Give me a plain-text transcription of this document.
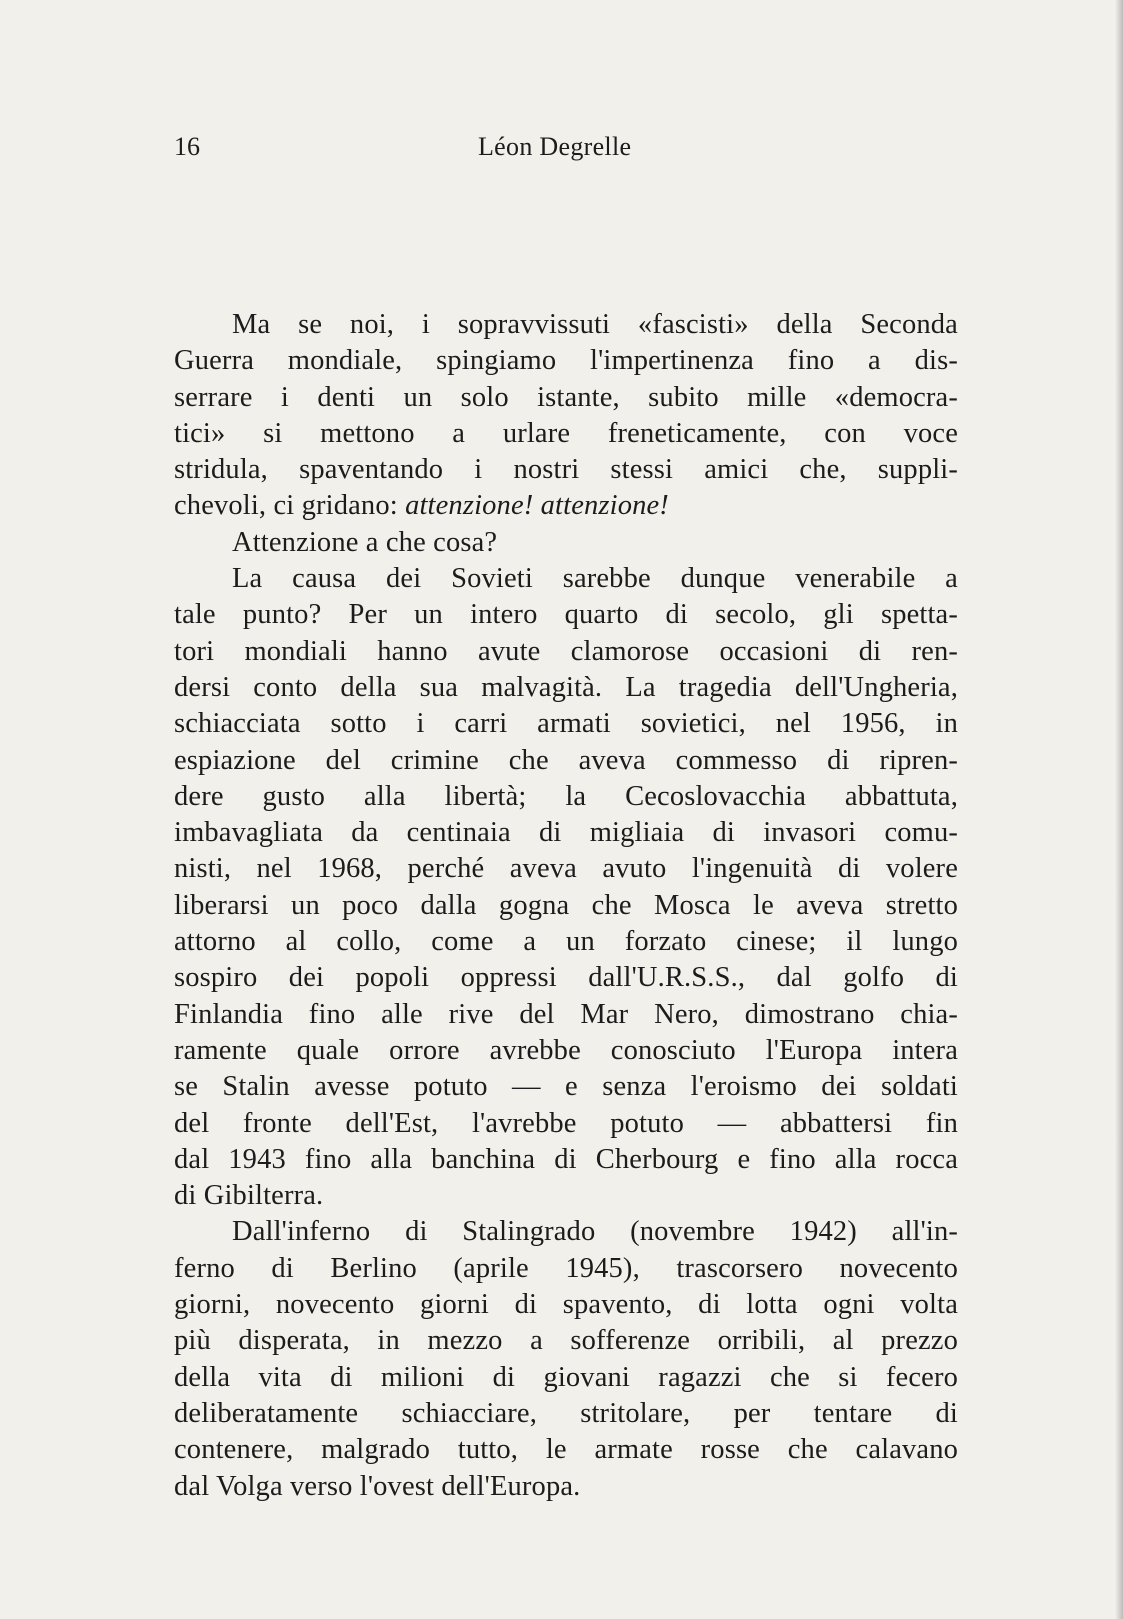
16	Léon Degrelle
Ma se noi, i sopravvissuti «fascisti» della Seconda
Guerra mondiale, spingiamo l'impertinenza fino a dis-
serrare i denti un solo istante, subito mille «democra-
tici» si mettono a urlare freneticamente, con voce
stridula, spaventando i nostri stessi amici che, suppli-
chevoli, ci gridano: attenzione! attenzione!
Attenzione a che cosa?
La causa dei Sovieti sarebbe dunque venerabile a
tale punto? Per un intero quarto di secolo, gli spetta-
tori mondiali hanno avute clamorose occasioni di ren-
dersi conto della sua malvagità. La tragedia dell'Ungheria,
schiacciata sotto i carri armati sovietici, nel 1956, in
espiazione del crimine che aveva commesso di ripren-
dere gusto alla libertà; la Cecoslovacchia abbattuta,
imbavagliata da centinaia di migliaia di invasori comu-
nisti, nel 1968, perché aveva avuto l'ingenuità di volere
liberarsi un poco dalla gogna che Mosca le aveva stretto
attorno al collo, come a un forzato cinese; il lungo
sospiro dei popoli oppressi dall'U.R.S.S., dal golfo di
Finlandia fino alle rive del Mar Nero, dimostrano chia-
ramente quale orrore avrebbe conosciuto l'Europa intera
se Stalin avesse potuto — e senza l'eroismo dei soldati
del fronte dell'Est, l'avrebbe potuto — abbattersi fin
dal 1943 fino alla banchina di Cherbourg e fino alla rocca
di Gibilterra.
Dall'inferno di Stalingrado (novembre 1942) all'in-
ferno di Berlino (aprile 1945), trascorsero novecento
giorni, novecento giorni di spavento, di lotta ogni volta
più disperata, in mezzo a sofferenze orribili, al prezzo
della vita di milioni di giovani ragazzi che si fecero
deliberatamente schiacciare, stritolare, per tentare di
contenere, malgrado tutto, le armate rosse che calavano
dal Volga verso l'ovest dell'Europa.
